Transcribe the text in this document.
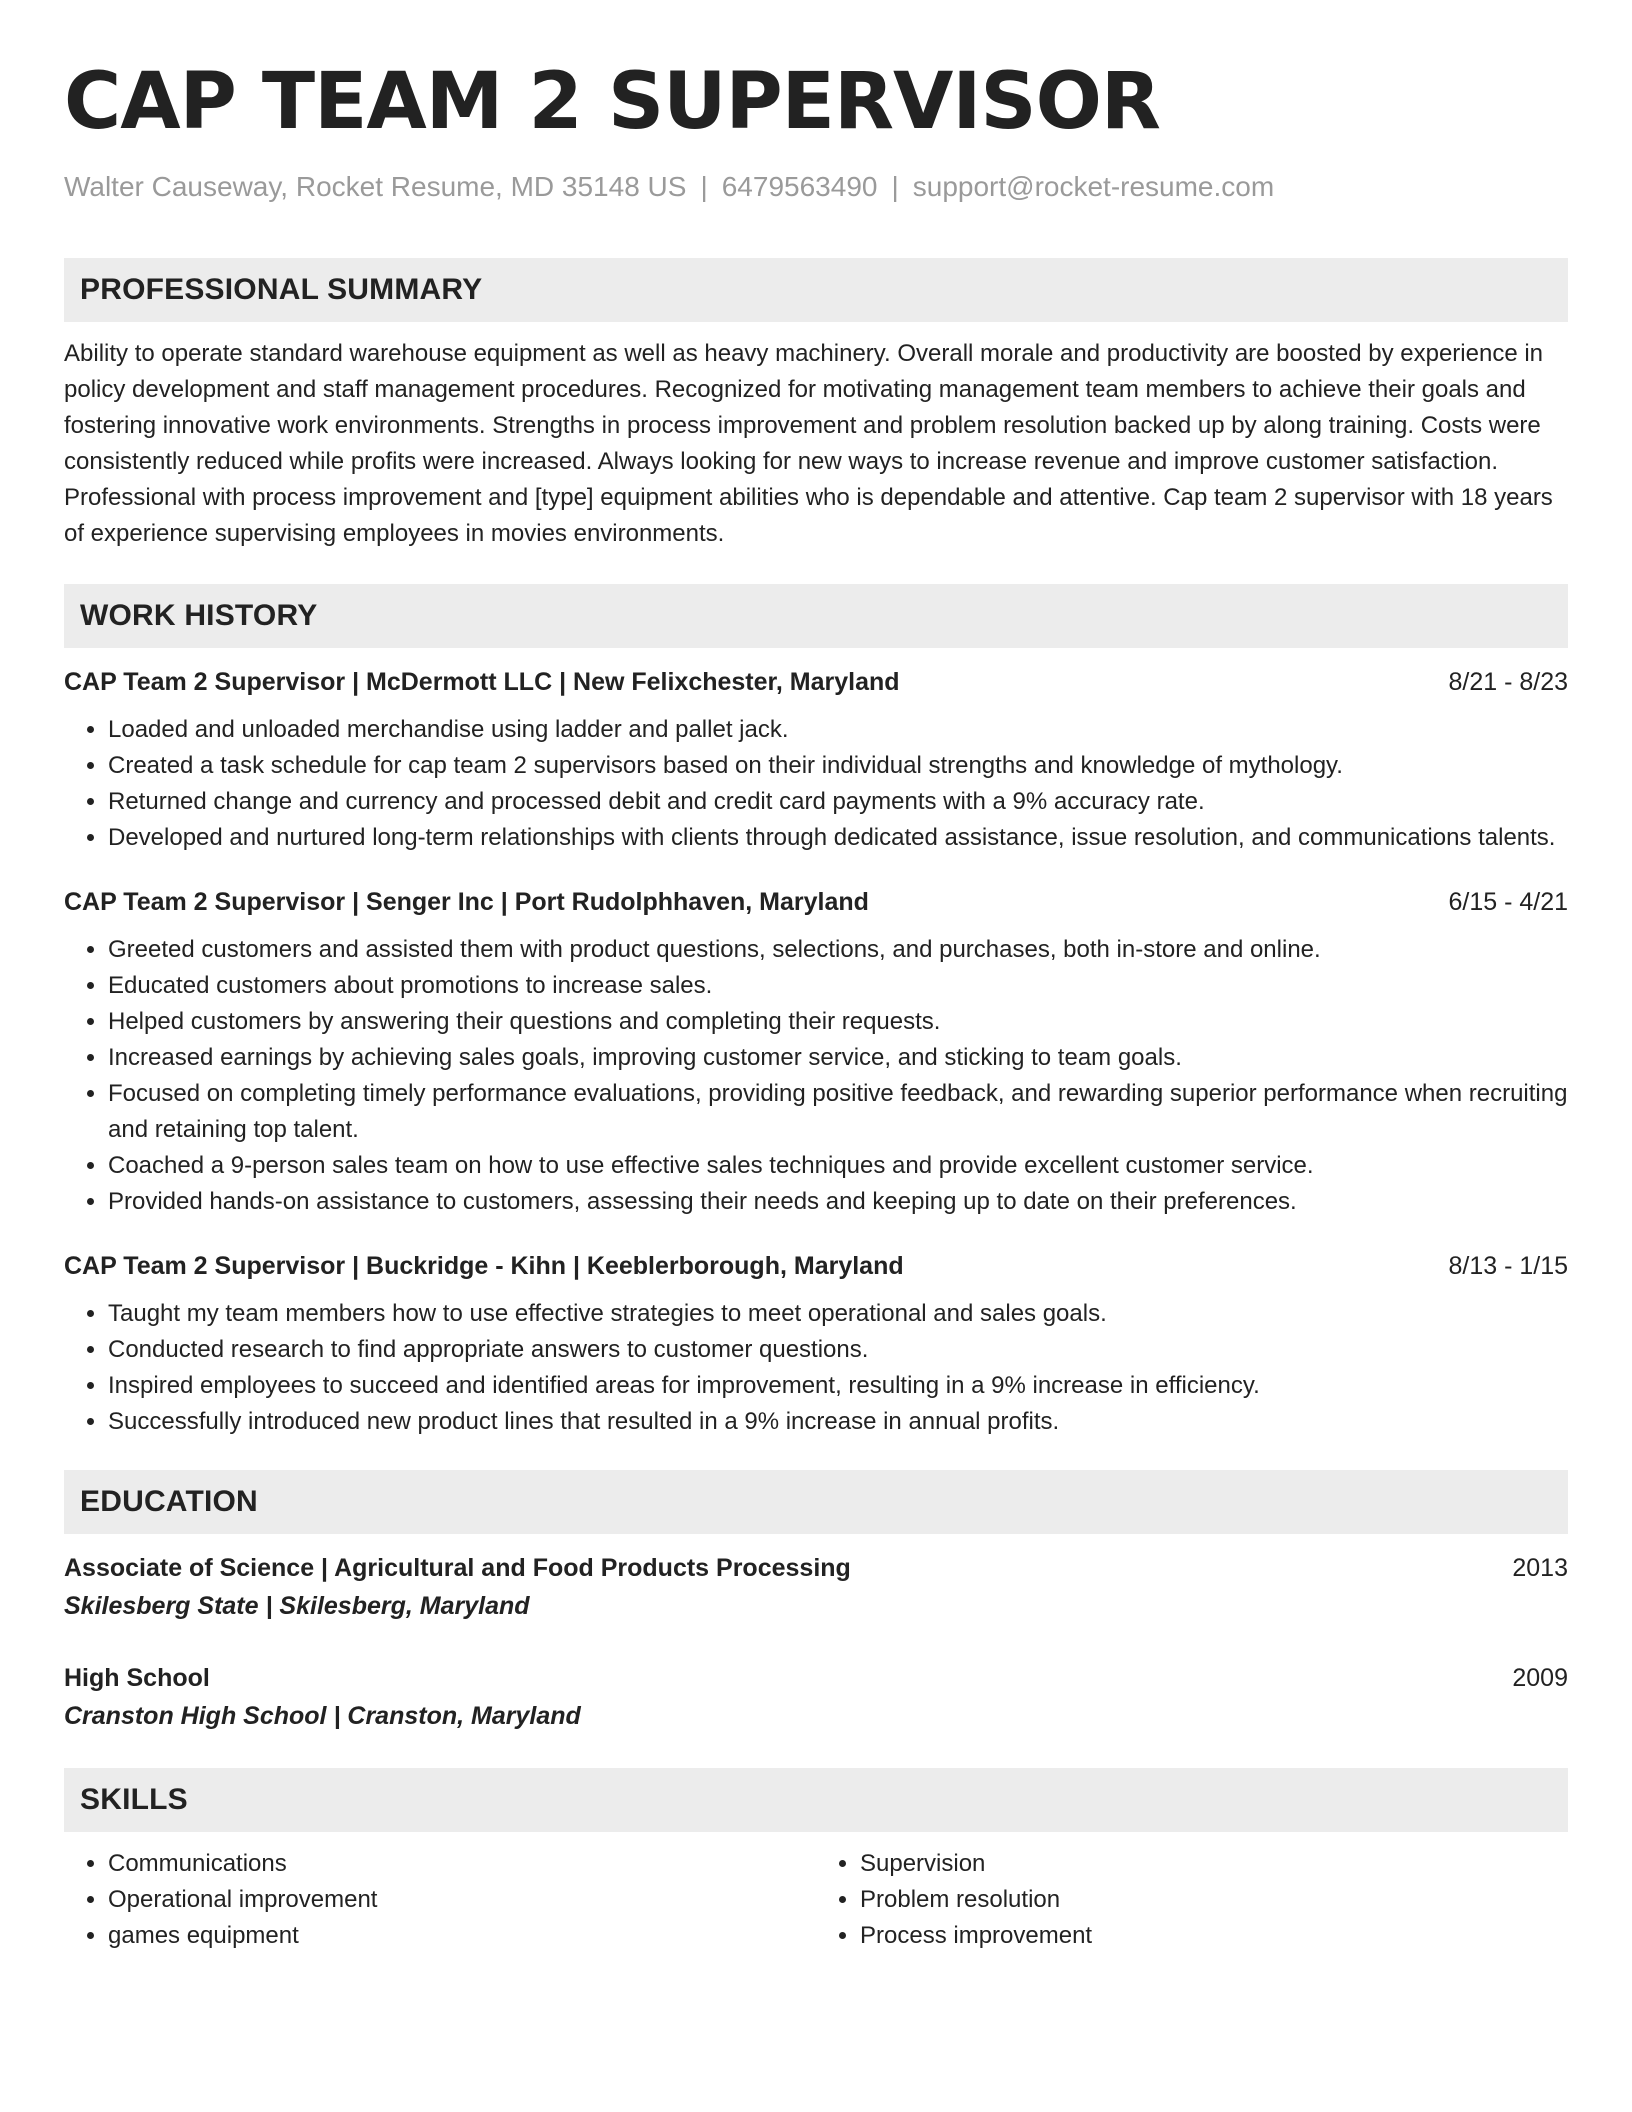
CAP TEAM 2 SUPERVISOR
Walter Causeway, Rocket Resume, MD 35148 US | 6479563490 | support@rocket-resume.com
PROFESSIONAL SUMMARY

Ability to operate standard warehouse equipment as well as heavy machinery. Overall morale and productivity are boosted by experience in policy development and staff management procedures. Recognized for motivating management team members to achieve their goals and fostering innovative work environments. Strengths in process improvement and problem resolution backed up by along training. Costs were consistently reduced while profits were increased. Always looking for new ways to increase revenue and improve customer satisfaction. Professional with process improvement and [type] equipment abilities who is dependable and attentive. Cap team 2 supervisor with 18 years of experience supervising employees in movies environments.

WORK HISTORY
CAP Team 2 Supervisor | McDermott LLC | New Felixchester, Maryland	8/21 - 8/23
• Loaded and unloaded merchandise using ladder and pallet jack.
• Created a task schedule for cap team 2 supervisors based on their individual strengths and knowledge of mythology.
• Returned change and currency and processed debit and credit card payments with a 9% accuracy rate.
• Developed and nurtured long-term relationships with clients through dedicated assistance, issue resolution, and communications talents.
CAP Team 2 Supervisor | Senger Inc | Port Rudolphhaven, Maryland	6/15 - 4/21
• Greeted customers and assisted them with product questions, selections, and purchases, both in-store and online.
• Educated customers about promotions to increase sales.
• Helped customers by answering their questions and completing their requests.
• Increased earnings by achieving sales goals, improving customer service, and sticking to team goals.
• Focused on completing timely performance evaluations, providing positive feedback, and rewarding superior performance when recruiting and retaining top talent.
• Coached a 9-person sales team on how to use effective sales techniques and provide excellent customer service.
• Provided hands-on assistance to customers, assessing their needs and keeping up to date on their preferences.
CAP Team 2 Supervisor | Buckridge - Kihn | Keeblerborough, Maryland	8/13 - 1/15
• Taught my team members how to use effective strategies to meet operational and sales goals.
• Conducted research to find appropriate answers to customer questions.
• Inspired employees to succeed and identified areas for improvement, resulting in a 9% increase in efficiency.
• Successfully introduced new product lines that resulted in a 9% increase in annual profits.
EDUCATION
Associate of Science | Agricultural and Food Products Processing	2013
Skilesberg State | Skilesberg, Maryland
High School	2009
Cranston High School | Cranston, Maryland
SKILLS
• Communications
• Operational improvement
• games equipment
• Supervision
• Problem resolution
• Process improvement
